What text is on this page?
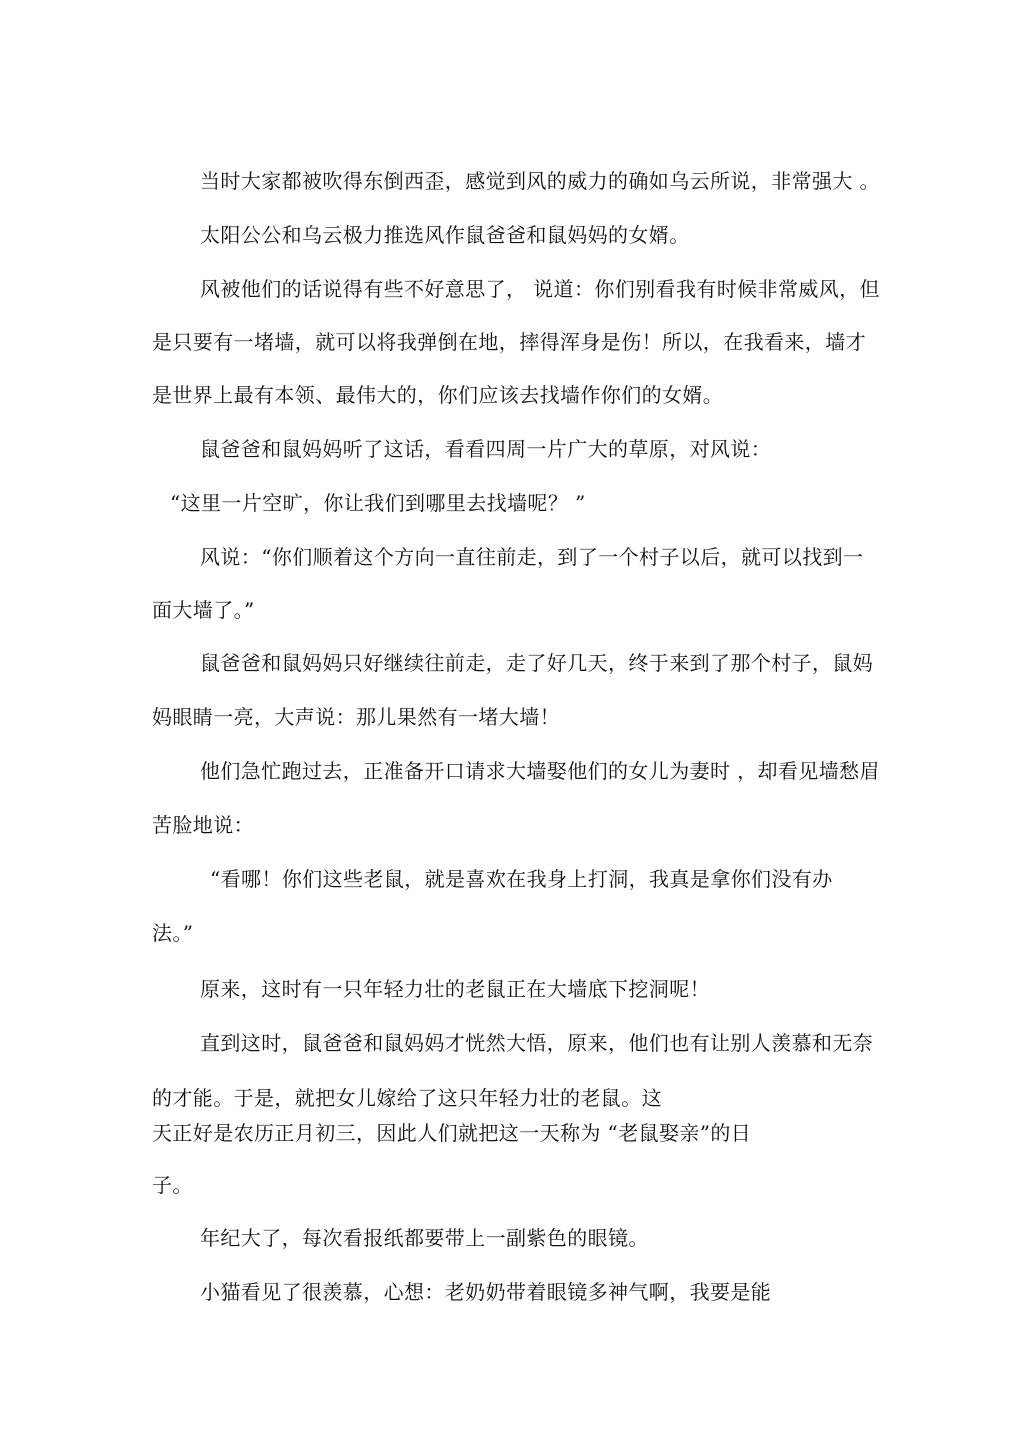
当时大家都被吹得东倒西歪，感觉到风的威力的确如乌云所说，非常强大 。
太阳公公和乌云极力推选风作鼠爸爸和鼠妈妈的女婿。
风被他们的话说得有些不好意思了， 说道：你们别看我有时候非常威风，但
是只要有一堵墙，就可以将我弹倒在地，摔得浑身是伤！所以，在我看来，墙才
是世界上最有本领、最伟大的，你们应该去找墙作你们的女婿。
鼠爸爸和鼠妈妈听了这话，看看四周一片广大的草原，对风说：
“这里一片空旷，你让我们到哪里去找墙呢？ ”
风说：“你们顺着这个方向一直往前走，到了一个村子以后，就可以找到一
面大墙了。”
鼠爸爸和鼠妈妈只好继续往前走，走了好几天，终于来到了那个村子，鼠妈
妈眼睛一亮，大声说：那儿果然有一堵大墙！
他们急忙跑过去，正准备开口请求大墙娶他们的女儿为妻时 ，却看见墙愁眉
苦脸地说：
“看哪！你们这些老鼠，就是喜欢在我身上打洞，我真是拿你们没有办
法。”
原来，这时有一只年轻力壮的老鼠正在大墙底下挖洞呢！
直到这时，鼠爸爸和鼠妈妈才恍然大悟，原来，他们也有让别人羡慕和无奈
的才能。于是，就把女儿嫁给了这只年轻力壮的老鼠。这
天正好是农历正月初三，因此人们就把这一天称为 “老鼠娶亲”的日
子。
年纪大了，每次看报纸都要带上一副紫色的眼镜。
小猫看见了很羡慕，心想：老奶奶带着眼镜多神气啊，我要是能
